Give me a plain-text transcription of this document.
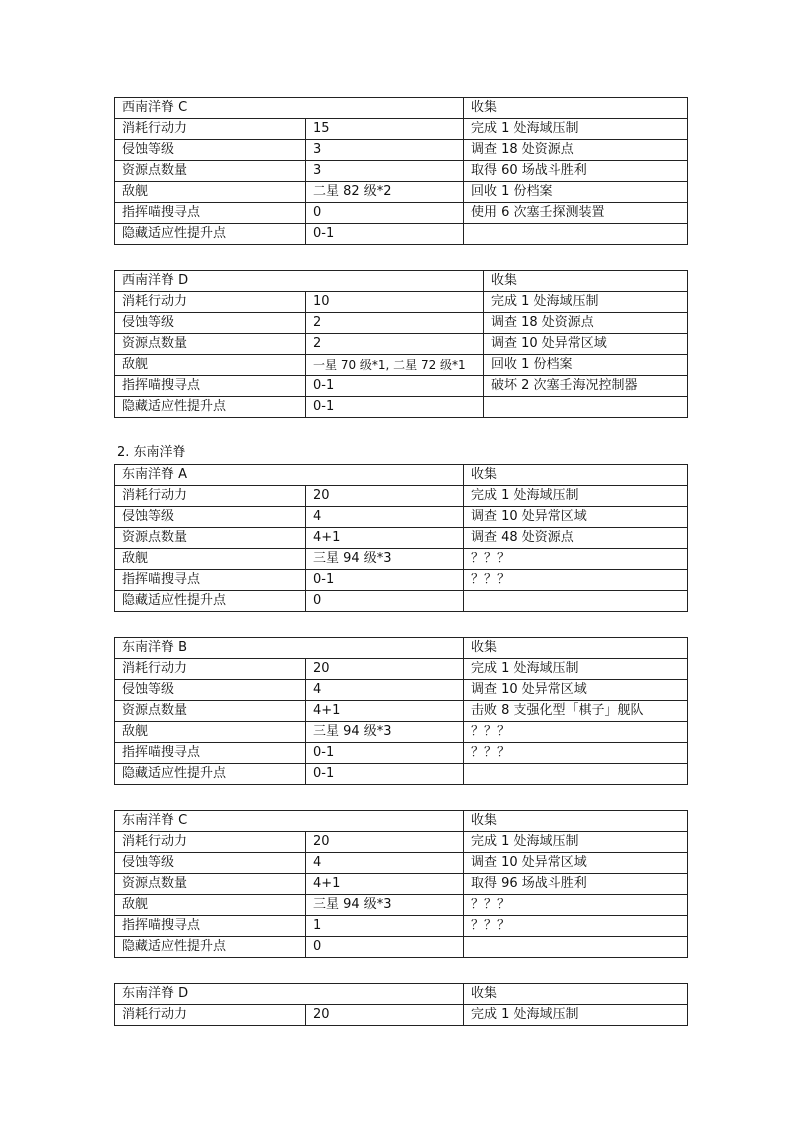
西南洋脊 C		收集
消耗行动力	15	完成 1 处海域压制
侵蚀等级	3	调查 18 处资源点
资源点数量	3	取得 60 场战斗胜利
敌舰	二星 82 级*2	回收 1 份档案
指挥喵搜寻点	0	使用 6 次塞壬探测装置
隐藏适应性提升点	0-1	
西南洋脊 D		收集
消耗行动力	10	完成 1 处海域压制
侵蚀等级	2	调查 18 处资源点
资源点数量	2	调查 10 处异常区域
敌舰	一星 70 级*1, 二星 72 级*1	回收 1 份档案
指挥喵搜寻点	0-1	破坏 2 次塞壬海况控制器
隐藏适应性提升点	0-1	
2. 东南洋脊
东南洋脊 A		收集
消耗行动力	20	完成 1 处海域压制
侵蚀等级	4	调查 10 处异常区域
资源点数量	4+1	调查 48 处资源点
敌舰	三星 94 级*3	？？？
指挥喵搜寻点	0-1	？？？
隐藏适应性提升点	0	
东南洋脊 B		收集
消耗行动力	20	完成 1 处海域压制
侵蚀等级	4	调查 10 处异常区域
资源点数量	4+1	击败 8 支强化型「棋子」舰队
敌舰	三星 94 级*3	？？？
指挥喵搜寻点	0-1	？？？
隐藏适应性提升点	0-1	
东南洋脊 C		收集
消耗行动力	20	完成 1 处海域压制
侵蚀等级	4	调查 10 处异常区域
资源点数量	4+1	取得 96 场战斗胜利
敌舰	三星 94 级*3	？？？
指挥喵搜寻点	1	？？？
隐藏适应性提升点	0	
东南洋脊 D		收集
消耗行动力	20	完成 1 处海域压制
